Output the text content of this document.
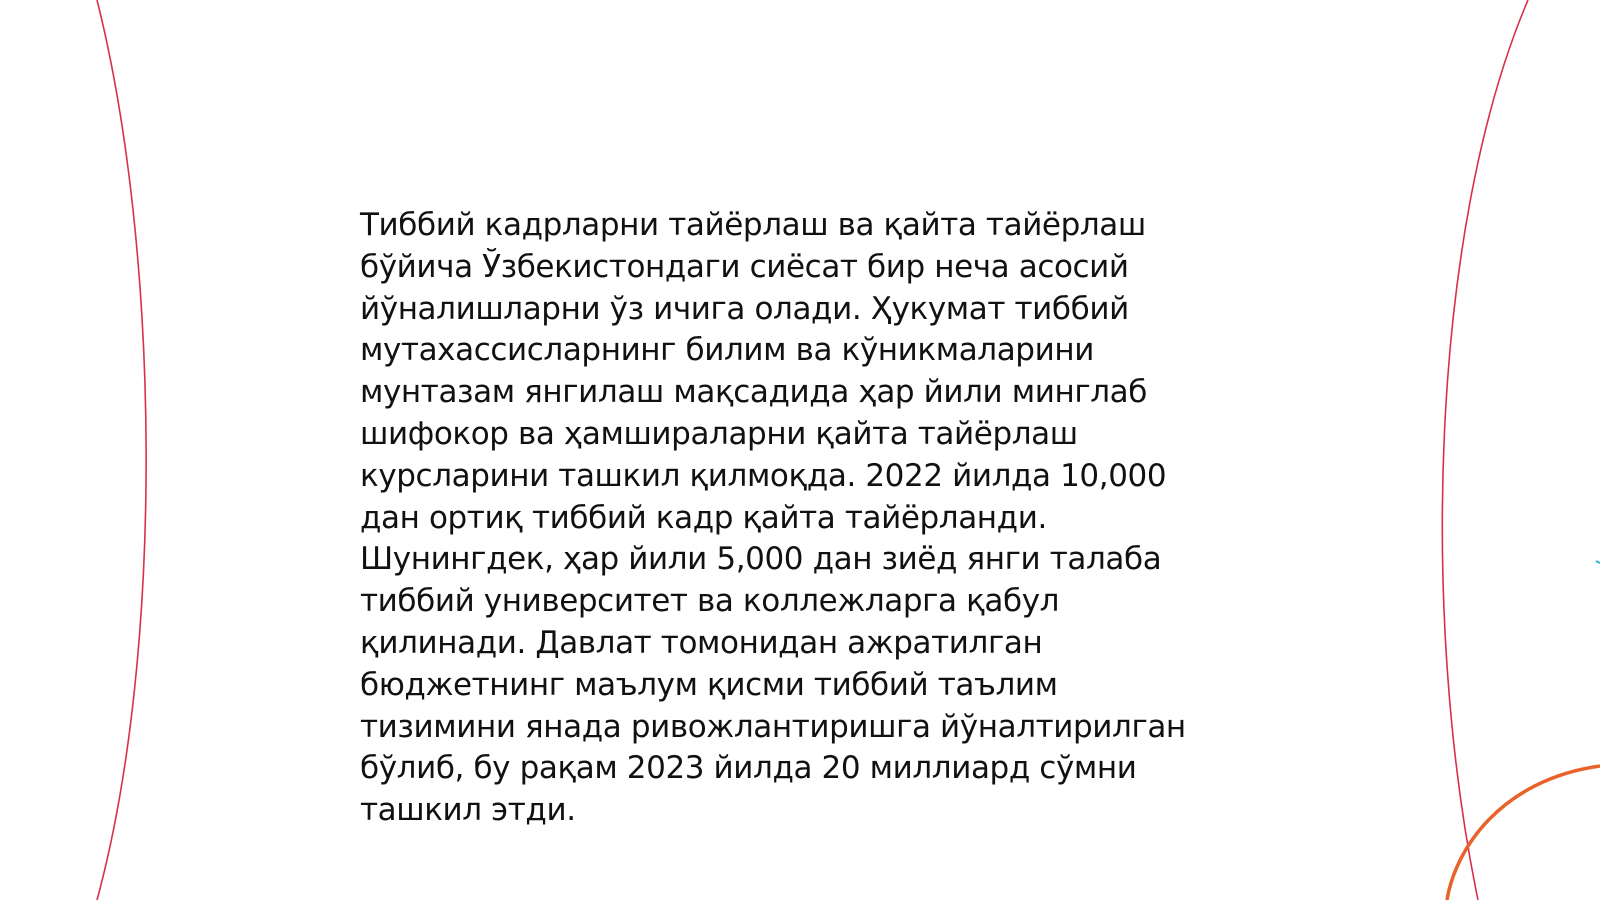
Тиббий кадрларни тайёрлаш ва қайта тайёрлаш
бўйича Ўзбекистондаги сиёсат бир неча асосий
йўналишларни ўз ичига олади. Ҳукумат тиббий
мутахассисларнинг билим ва кўникмаларини
мунтазам янгилаш мақсадида ҳар йили минглаб
шифокор ва ҳамшираларни қайта тайёрлаш
курсларини ташкил қилмоқда. 2022 йилда 10,000
дан ортиқ тиббий кадр қайта тайёрланди.
Шунингдек, ҳар йили 5,000 дан зиёд янги талаба
тиббий университет ва коллежларга қабул
қилинади. Давлат томонидан ажратилган
бюджетнинг маълум қисми тиббий таълим
тизимини янада ривожлантиришга йўналтирилган
бўлиб, бу рақам 2023 йилда 20 миллиард сўмни
ташкил этди.
